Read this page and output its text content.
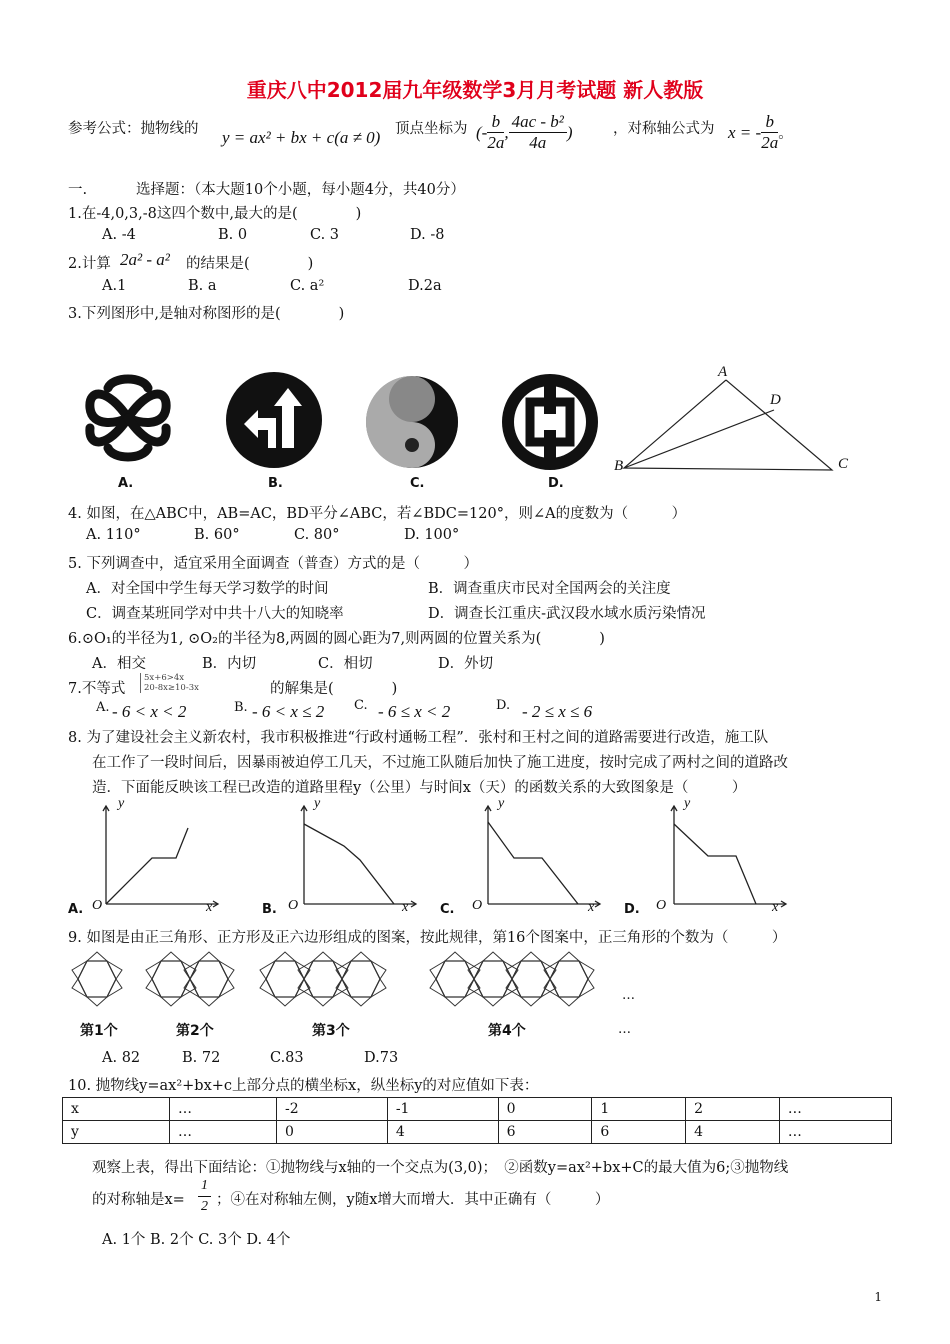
重庆八中2012届九年级数学3月月考试题 新人教版
参考公式：抛物线的 y = ax² + bx + c(a ≠ 0) 顶点坐标为 (- $\frac{b}{2a}$ , $\frac{\text{4ac - b²}}{4a}$ )	，对称轴公式为 x = - $\frac{b}{2a}$ 。
一.	选择题：（本大题10个小题，每小题4分，共40分）
1.在-4,0,3,-8这四个数中,最大的是(　　　　)
A. -4	B. 0	C. 3	D. -8
2.计算 2a² - a² 的结果是(　　　　)
A.1	B. a	C. a²	D.2a
3.下列图形中,是轴对称图形的是(　　　　)
A.	B.	C.	D.
A
D
B	C
4. 如图，在△ABC中，AB=AC，BD平分∠ABC，若∠BDC=120°，则∠A的度数为（　　　）
A. 110°	B. 60°	C. 80°	D. 100°
5. 下列调查中，适宜采用全面调查（普查）方式的是（　　　）
A．对全国中学生每天学习数学的时间	B．调查重庆市民对全国两会的关注度
C．调查某班同学对中共十八大的知晓率	D．调查长江重庆-武汉段水域水质污染情况
6.⊙O₁的半径为1, ⊙O₂的半径为8,两圆的圆心距为7,则两圆的位置关系为(　　　　)
A．相交	B．内切	C．相切	D．外切
7.不等式
5x+6>4x
20-8x≥10-3x	的解集是(　　　　)
A. - 6 < x < 2	B. - 6 < x ≤ 2 C. - 6 ≤ x < 2	D. - 2 ≤ x ≤ 6
8. 为了建设社会主义新农村，我市积极推进“行政村通畅工程”．张村和王村之间的道路需要进行改造，施工队
在工作了一段时间后，因暴雨被迫停工几天，不过施工队随后加快了施工进度，按时完成了两村之间的道路改
造．下面能反映该工程已改造的道路里程y（公里）与时间x（天）的函数关系的大致图象是（　　　）
A. O
y
x	B. O
y
x C. O
y
x D. O
y
x
9. 如图是由正三角形、正方形及正六边形组成的图案，按此规律，第16个图案中，正三角形的个数为（　　　）
…
第1个	第2个	第3个	第4个	…
A. 82	B. 72	C.83	D.73
10. 抛物线y=ax²+bx+c上部分点的横坐标x，纵坐标y的对应值如下表：
x	…	-2	-1	0	1	2	…
y	…	0	4	6	6	4	…
观察上表，得出下面结论：①抛物线与x轴的一个交点为(3,0)；　②函数y=ax²+bx+C的最大值为6;③抛物线
的对称轴是$x= \frac{1}{2}$ ；④在对称轴左侧，y随x增大而增大．其中正确有（　　　）
A. 1个 B. 2个 C. 3个 D. 4个
1
